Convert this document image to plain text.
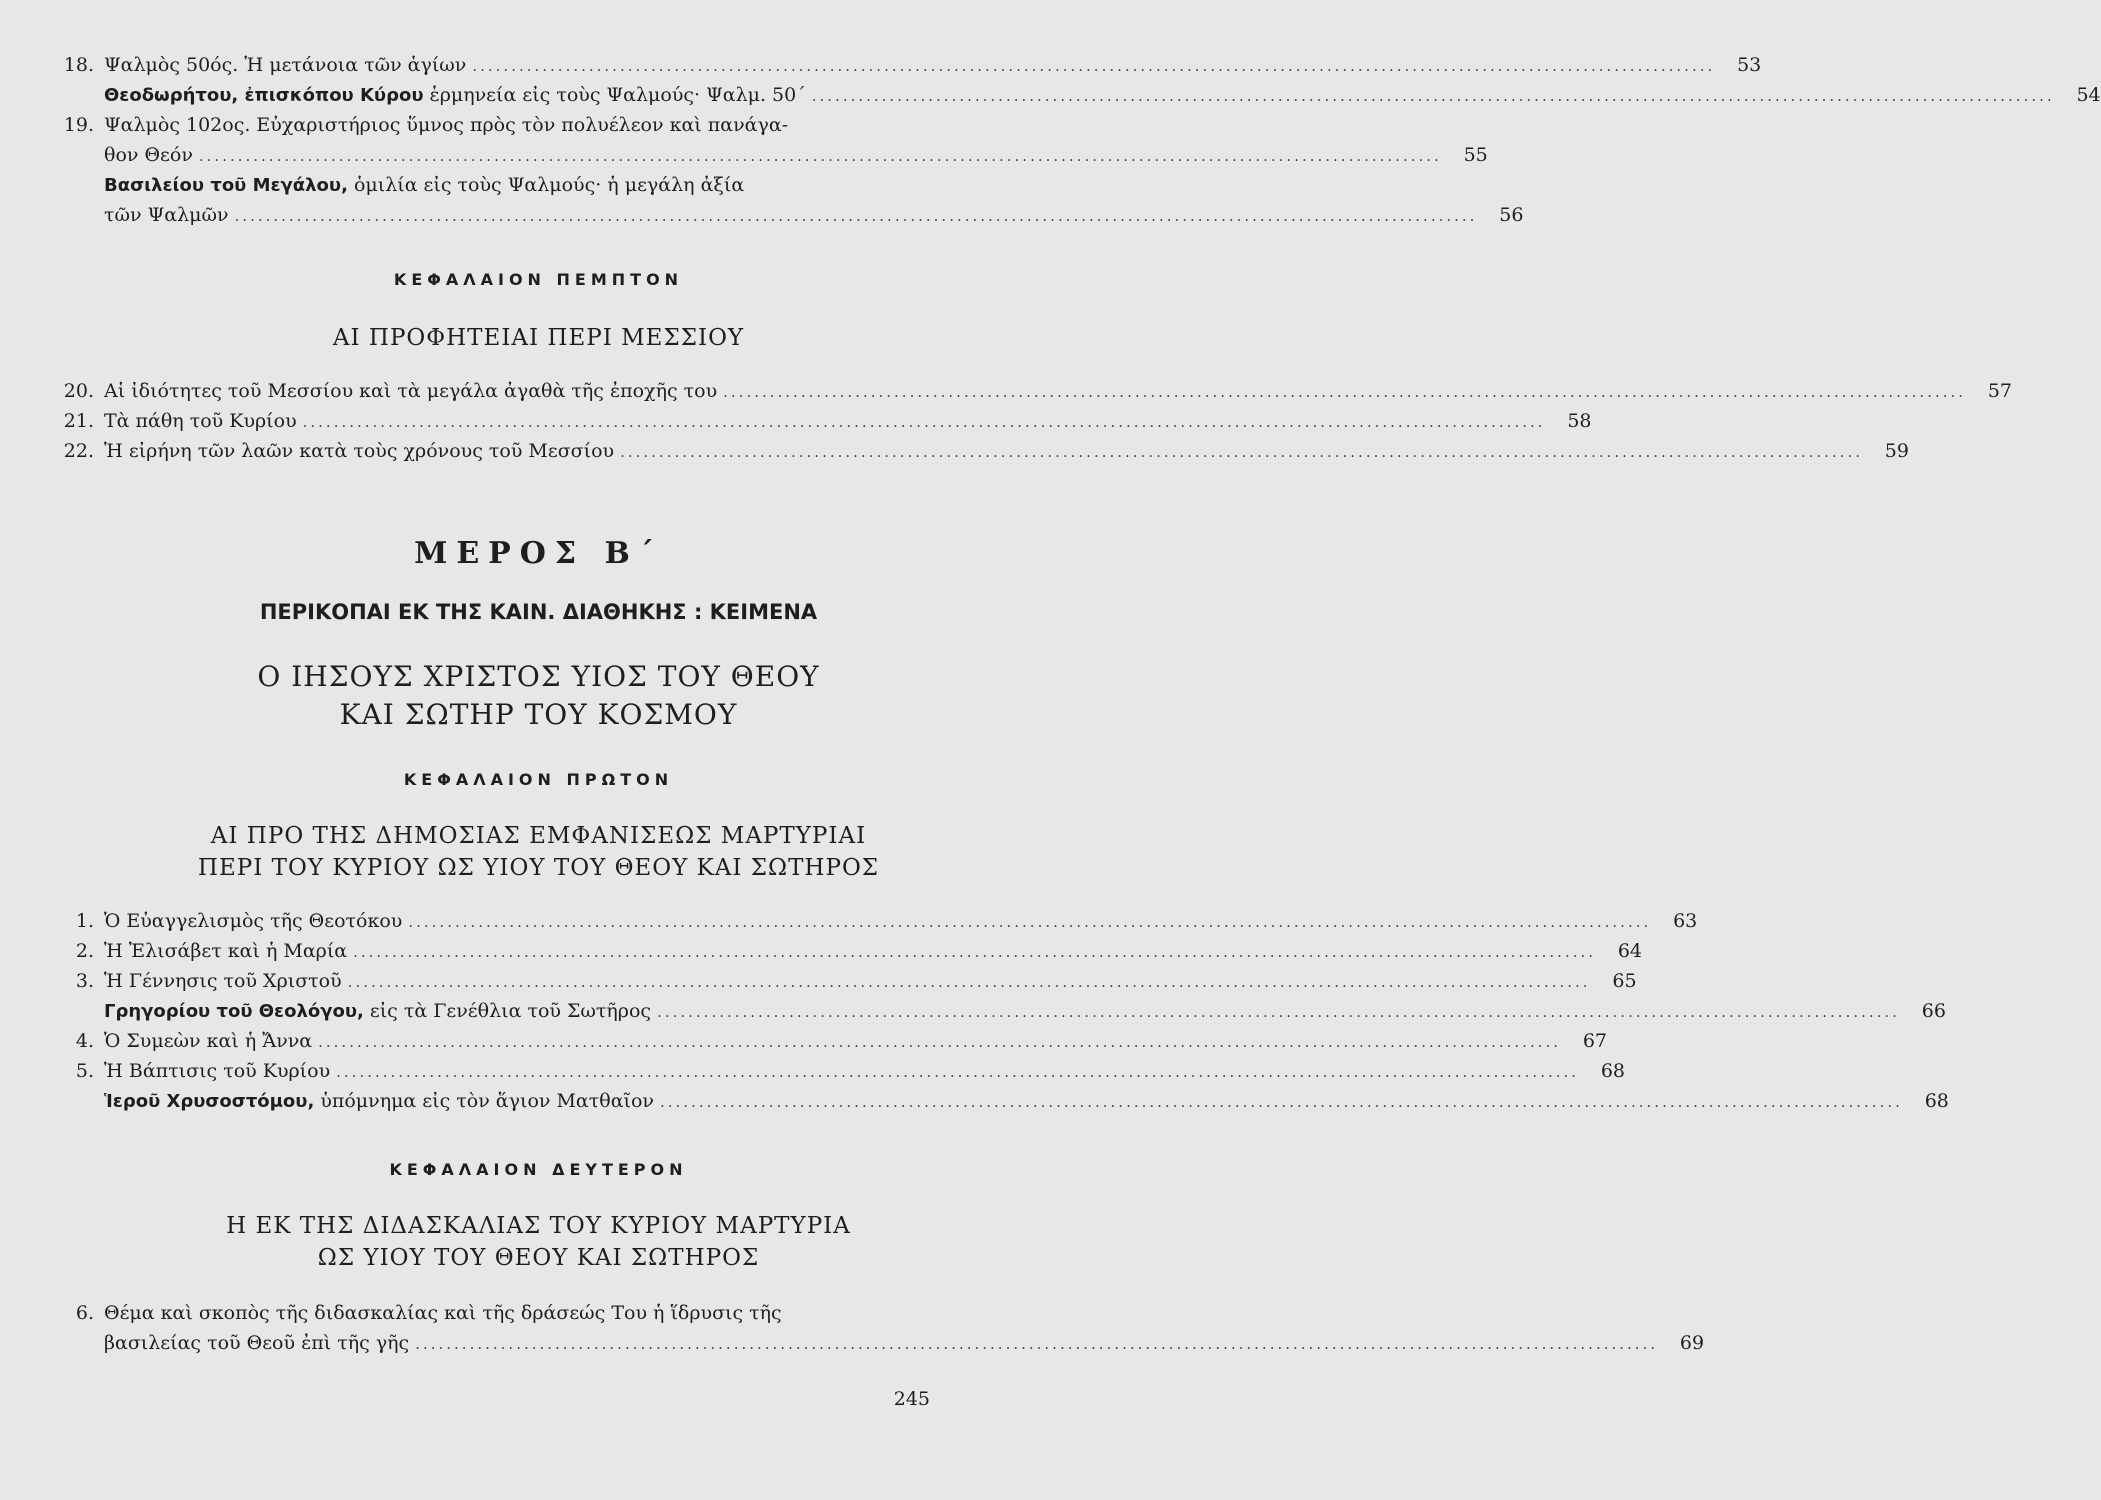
18. Ψαλμὸς 50ός. Ἡ μετάνοια τῶν ἁγίων ................................................................................................................................................................	53
Θεοδωρήτου, ἐπισκόπου Κύρου ἑρμηνεία εἰς τοὺς Ψαλμούς· Ψαλμ. 50΄ ................................................................................................................................................................	54
19. Ψαλμὸς 102ος. Εὐχαριστήριος ὕμνος πρὸς τὸν πολυέλεον καὶ πανάγα-
θον Θεόν ................................................................................................................................................................	55
Βασιλείου τοῦ Μεγάλου, ὁμιλία εἰς τοὺς Ψαλμούς· ἡ μεγάλη ἀξία
τῶν Ψαλμῶν ................................................................................................................................................................	56
ΚΕΦΑΛΑΙΟΝ ΠΕΜΠΤΟΝ
ΑΙ ΠΡΟΦΗΤΕΙΑΙ ΠΕΡΙ ΜΕΣΣΙΟΥ
20. Αἱ ἰδιότητες τοῦ Μεσσίου καὶ τὰ μεγάλα ἀγαθὰ τῆς ἐποχῆς του ................................................................................................................................................................	57
21. Τὰ πάθη τοῦ Κυρίου ................................................................................................................................................................	58
22. Ἡ εἰρήνη τῶν λαῶν κατὰ τοὺς χρόνους τοῦ Μεσσίου ................................................................................................................................................................	59
ΜΕΡΟΣ Β΄
ΠΕΡΙΚΟΠΑΙ ΕΚ ΤΗΣ ΚΑΙΝ. ΔΙΑΘΗΚΗΣ : ΚΕΙΜΕΝΑ
Ο ΙΗΣΟΥΣ ΧΡΙΣΤΟΣ ΥΙΟΣ ΤΟΥ ΘΕΟΥ
ΚΑΙ ΣΩΤΗΡ ΤΟΥ ΚΟΣΜΟΥ
ΚΕΦΑΛΑΙΟΝ ΠΡΩΤΟΝ
ΑΙ ΠΡΟ ΤΗΣ ΔΗΜΟΣΙΑΣ ΕΜΦΑΝΙΣΕΩΣ ΜΑΡΤΥΡΙΑΙ
ΠΕΡΙ ΤΟΥ ΚΥΡΙΟΥ ΩΣ ΥΙΟΥ ΤΟΥ ΘΕΟΥ ΚΑΙ ΣΩΤΗΡΟΣ
1. Ὁ Εὐαγγελισμὸς τῆς Θεοτόκου ................................................................................................................................................................	63
2. Ἡ Ἐλισάβετ καὶ ἡ Μαρία ................................................................................................................................................................	64
3. Ἡ Γέννησις τοῦ Χριστοῦ ................................................................................................................................................................	65
Γρηγορίου τοῦ Θεολόγου, εἰς τὰ Γενέθλια τοῦ Σωτῆρος ................................................................................................................................................................	66
4. Ὁ Συμεὼν καὶ ἡ Ἄννα ................................................................................................................................................................	67
5. Ἡ Βάπτισις τοῦ Κυρίου ................................................................................................................................................................	68
Ἱεροῦ Χρυσοστόμου, ὑπόμνημα εἰς τὸν ἅγιον Ματθαῖον ................................................................................................................................................................	68
ΚΕΦΑΛΑΙΟΝ ΔΕΥΤΕΡΟΝ
Η ΕΚ ΤΗΣ ΔΙΔΑΣΚΑΛΙΑΣ ΤΟΥ ΚΥΡΙΟΥ ΜΑΡΤΥΡΙΑ
ΩΣ ΥΙΟΥ ΤΟΥ ΘΕΟΥ ΚΑΙ ΣΩΤΗΡΟΣ
6. Θέμα καὶ σκοπὸς τῆς διδασκαλίας καὶ τῆς δράσεώς Του ἡ ἵδρυσις τῆς
βασιλείας τοῦ Θεοῦ ἐπὶ τῆς γῆς ................................................................................................................................................................	69
245
